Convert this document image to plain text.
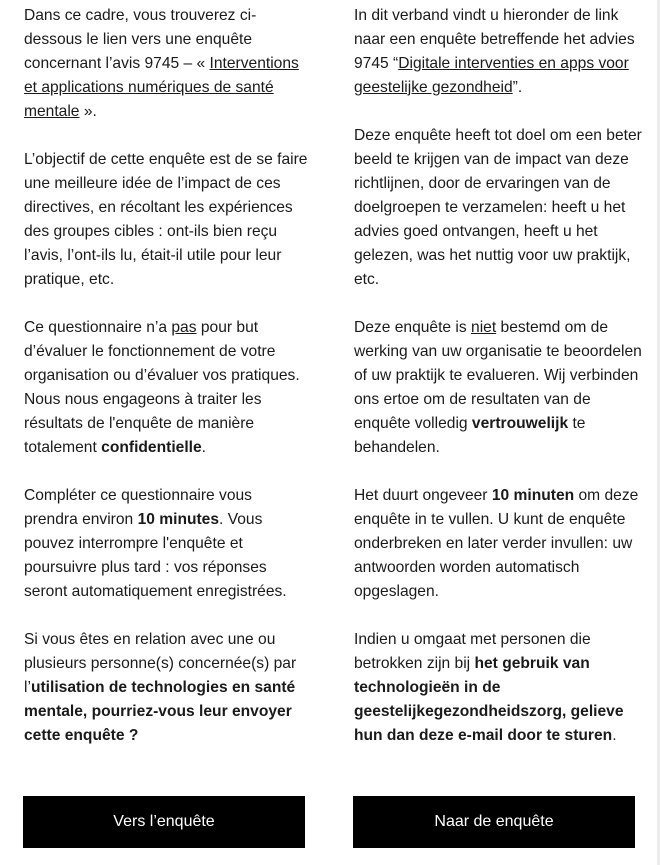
Dans ce cadre, vous trouverez ci-dessous le lien vers une enquête concernant l’avis 9745 – « Interventions et applications numériques de santé mentale ».

L’objectif de cette enquête est de se faire une meilleure idée de l’impact de ces directives, en récoltant les expériences des groupes cibles : ont-ils bien reçu l’avis, l’ont-ils lu, était-il utile pour leur pratique, etc.

Ce questionnaire n’a pas pour but d’évaluer le fonctionnement de votre organisation ou d’évaluer vos pratiques. Nous nous engageons à traiter les résultats de l'enquête de manière totalement confidentielle.

Compléter ce questionnaire vous prendra environ 10 minutes. Vous pouvez interrompre l'enquête et poursuivre plus tard : vos réponses seront automatiquement enregistrées.

Si vous êtes en relation avec une ou plusieurs personne(s) concernée(s) par l’utilisation de technologies en santé mentale, pourriez-vous leur envoyer cette enquête ?

In dit verband vindt u hieronder de link naar een enquête betreffende het advies 9745 “Digitale interventies en apps voor geestelijke gezondheid”.

Deze enquête heeft tot doel om een beter beeld te krijgen van de impact van deze richtlijnen, door de ervaringen van de doelgroepen te verzamelen: heeft u het advies goed ontvangen, heeft u het gelezen, was het nuttig voor uw praktijk, etc.

Deze enquête is niet bestemd om de werking van uw organisatie te beoordelen of uw praktijk te evalueren. Wij verbinden ons ertoe om de resultaten van de enquête volledig vertrouwelijk te behandelen.

Het duurt ongeveer 10 minuten om deze enquête in te vullen. U kunt de enquête onderbreken en later verder invullen: uw antwoorden worden automatisch opgeslagen.

Indien u omgaat met personen die betrokken zijn bij het gebruik van technologieën in de geestelijkegezondheidszorg, gelieve hun dan deze e-mail door te sturen.

Vers l’enquête	Naar de enquête
